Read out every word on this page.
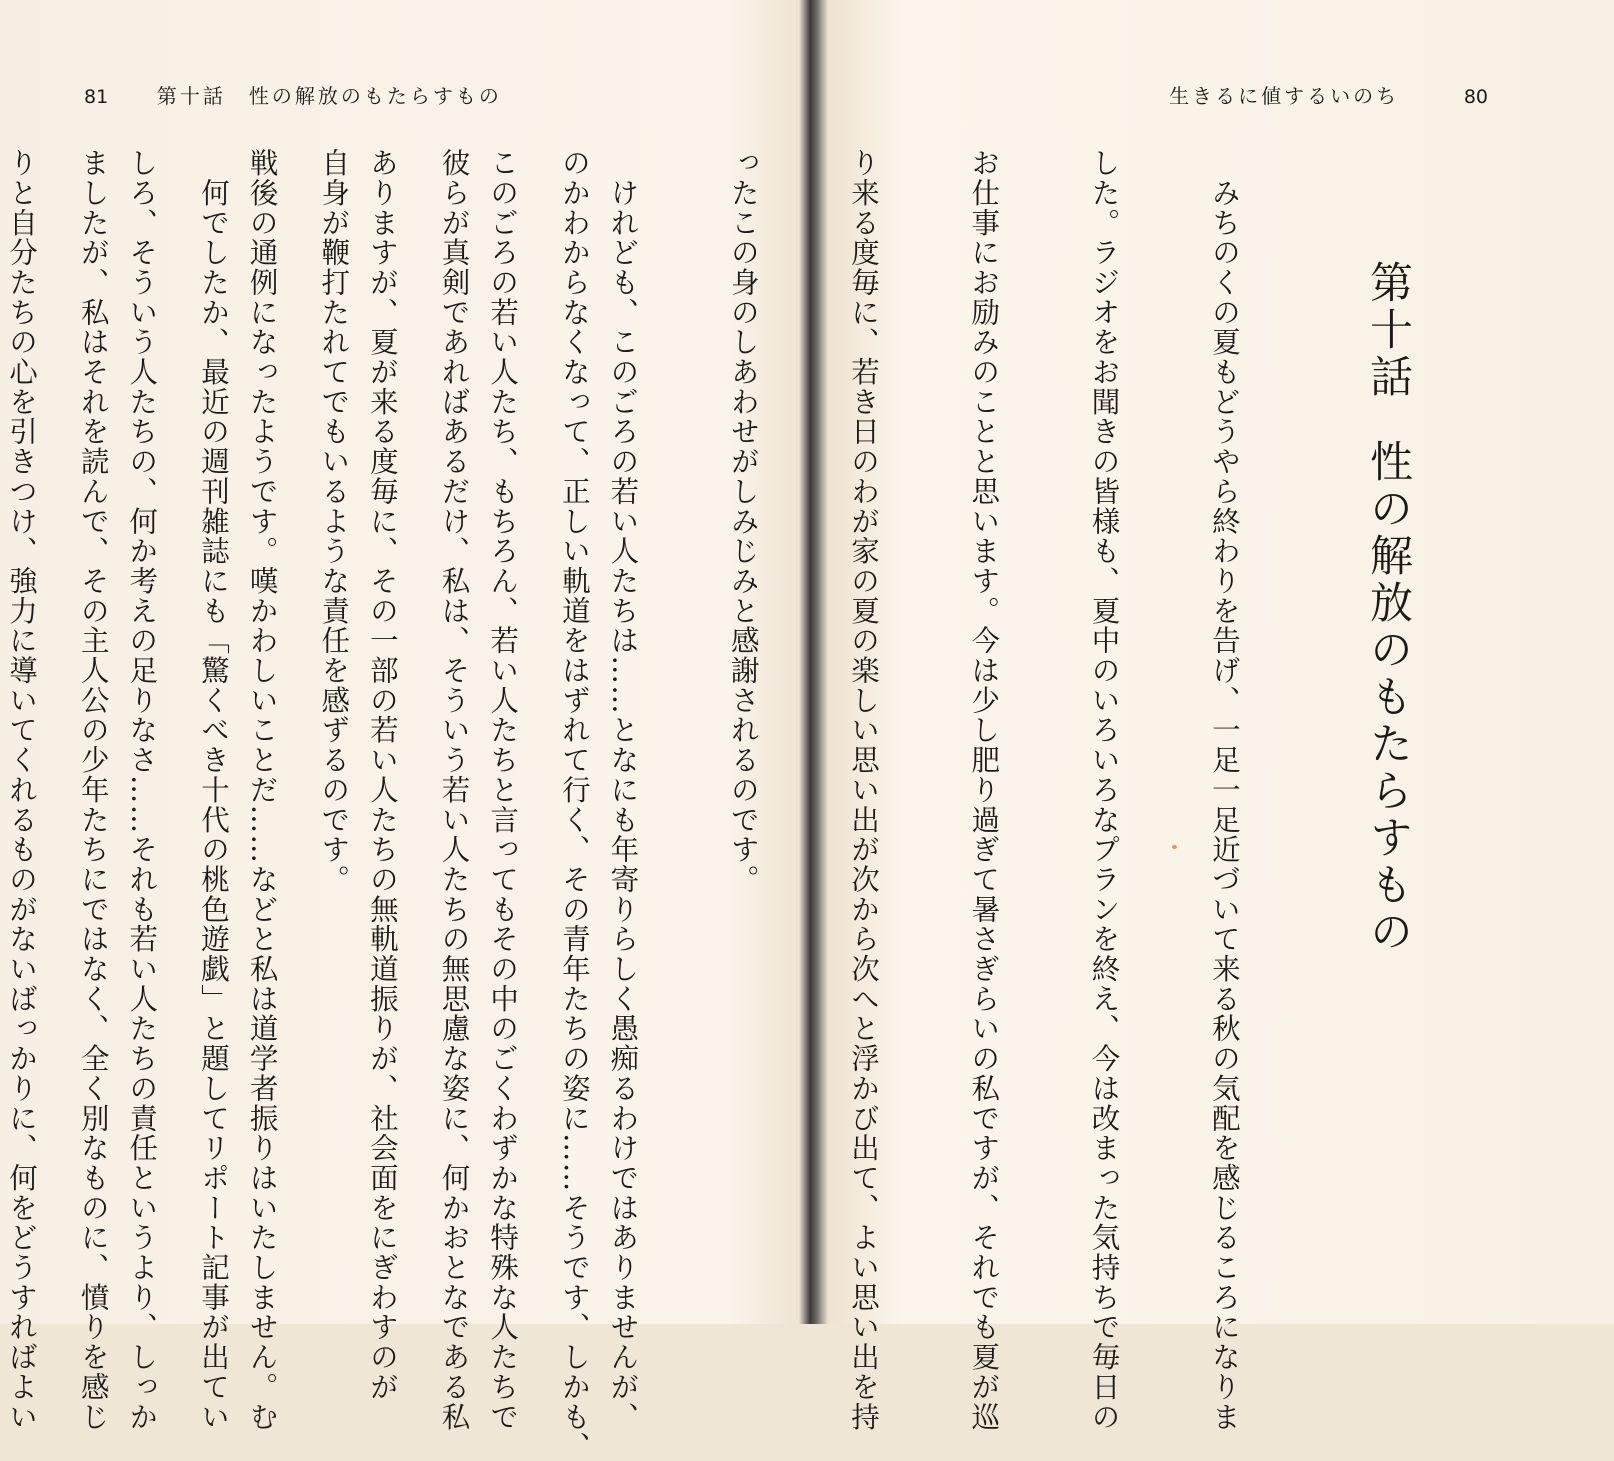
81 第十話　性の解放のもたらすもの

のかわからなくなって、正しい軌道をはずれて行く、その青年たちの姿に……そうです、しかも、

彼らが真剣であればあるだけ、私は、そういう若い人たちの無思慮な姿に、何かおとなである私

自身が鞭打たれてでもいるような責任を感ずるのです。

　何でしたか、最近の週刊雑誌にも「驚くべき十代の桃色遊戯」と題してリポート記事が出てい

ましたが、私はそれを読んで、その主人公の少年たちにではなく、全く別なものに、憤りを感じ

生きるに値するいのち	80
第十話性の解放のもたらすもの

　みちのくの夏もどうやら終わりを告げ、一足一足近づいて来る秋の気配を感じるころになりま

した。ラジオをお聞きの皆様も、夏中のいろいろなプランを終え、今は改まった気持ちで毎日の

お仕事にお励みのことと思います。今は少し肥り過ぎて暑さぎらいの私ですが、それでも夏が巡

り来る度毎に、若き日のわが家の夏の楽しい思い出が次から次へと浮かび出て、よい思い出を持

ったこの身のしあわせがしみじみと感謝されるのです。

　けれども、このごろの若い人たちは……となにも年寄りらしく愚痴るわけではありませんが、

このごろの若い人たち、もちろん、若い人たちと言ってもその中のごくわずかな特殊な人たちで

ありますが、夏が来る度毎に、その一部の若い人たちの無軌道振りが、社会面をにぎわすのが

戦後の通例になったようです。嘆かわしいことだ……などと私は道学者振りはいたしません。む

しろ、そういう人たちの、何か考えの足りなさ……それも若い人たちの責任というより、しっか

りと自分たちの心を引きつけ、強力に導いてくれるものがないばっかりに、何をどうすればよい
